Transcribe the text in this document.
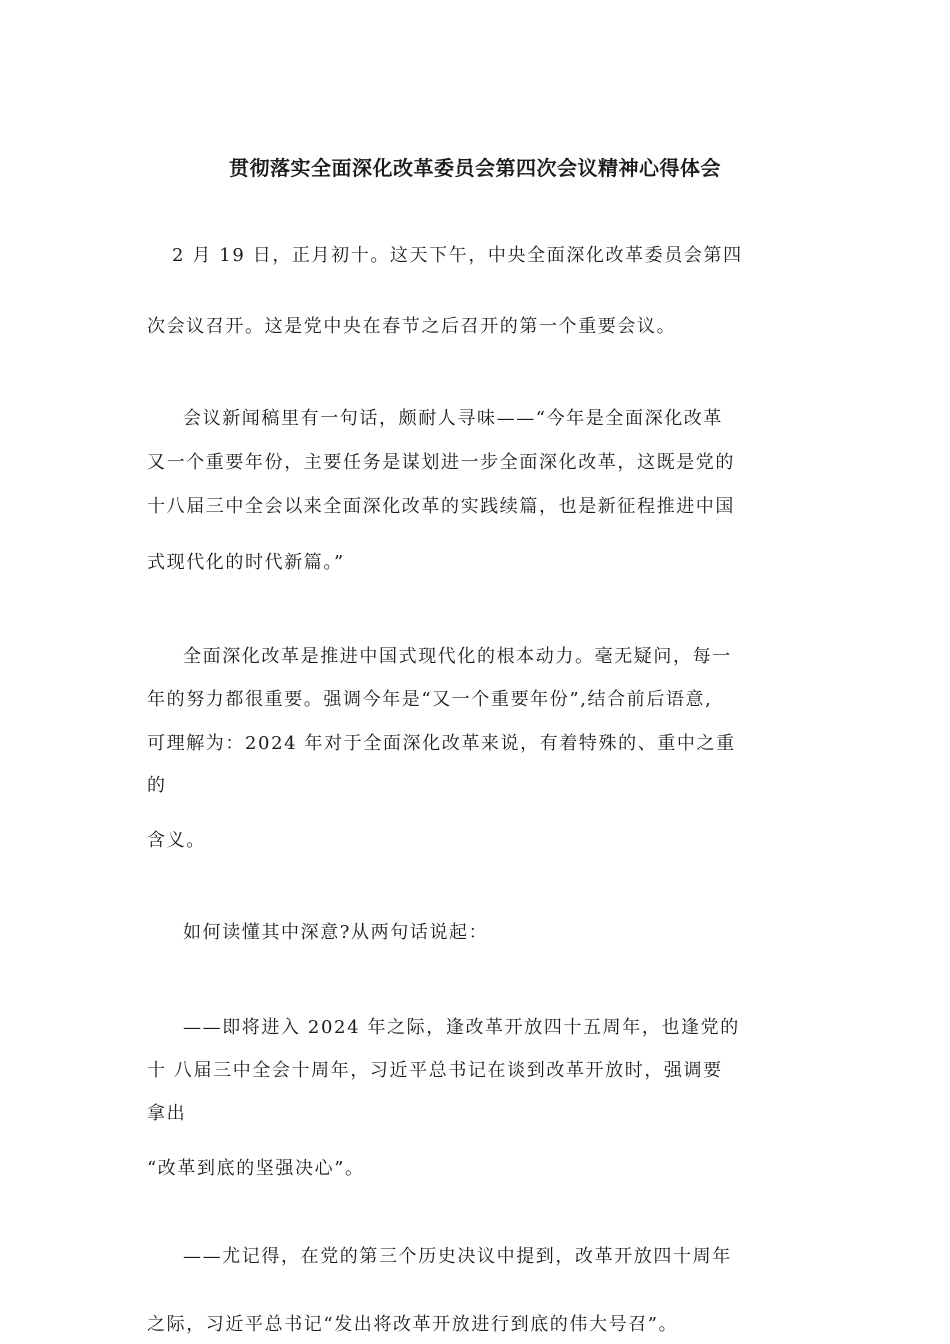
贯彻落实全面深化改革委员会第四次会议精神心得体会
2 月 19 日，正月初十。这天下午，中央全面深化改革委员会第四
次会议召开。这是党中央在春节之后召开的第一个重要会议。
会议新闻稿里有一句话，颇耐人寻味——“今年是全面深化改革
又一个重要年份，主要任务是谋划进一步全面深化改革，这既是党的
十八届三中全会以来全面深化改革的实践续篇，也是新征程推进中国
式现代化的时代新篇。”
全面深化改革是推进中国式现代化的根本动力。毫无疑问，每一
年的努力都很重要。强调今年是“又一个重要年份”,结合前后语意,
可理解为：2024 年对于全面深化改革来说，有着特殊的、重中之重
的
含义。
如何读懂其中深意?从两句话说起：
——即将进入 2024 年之际，逢改革开放四十五周年，也逢党的
十 八届三中全会十周年，习近平总书记在谈到改革开放时，强调要
拿出
“改革到底的坚强决心”。
——尤记得，在党的第三个历史决议中提到，改革开放四十周年
之际，习近平总书记“发出将改革开放进行到底的伟大号召”。
